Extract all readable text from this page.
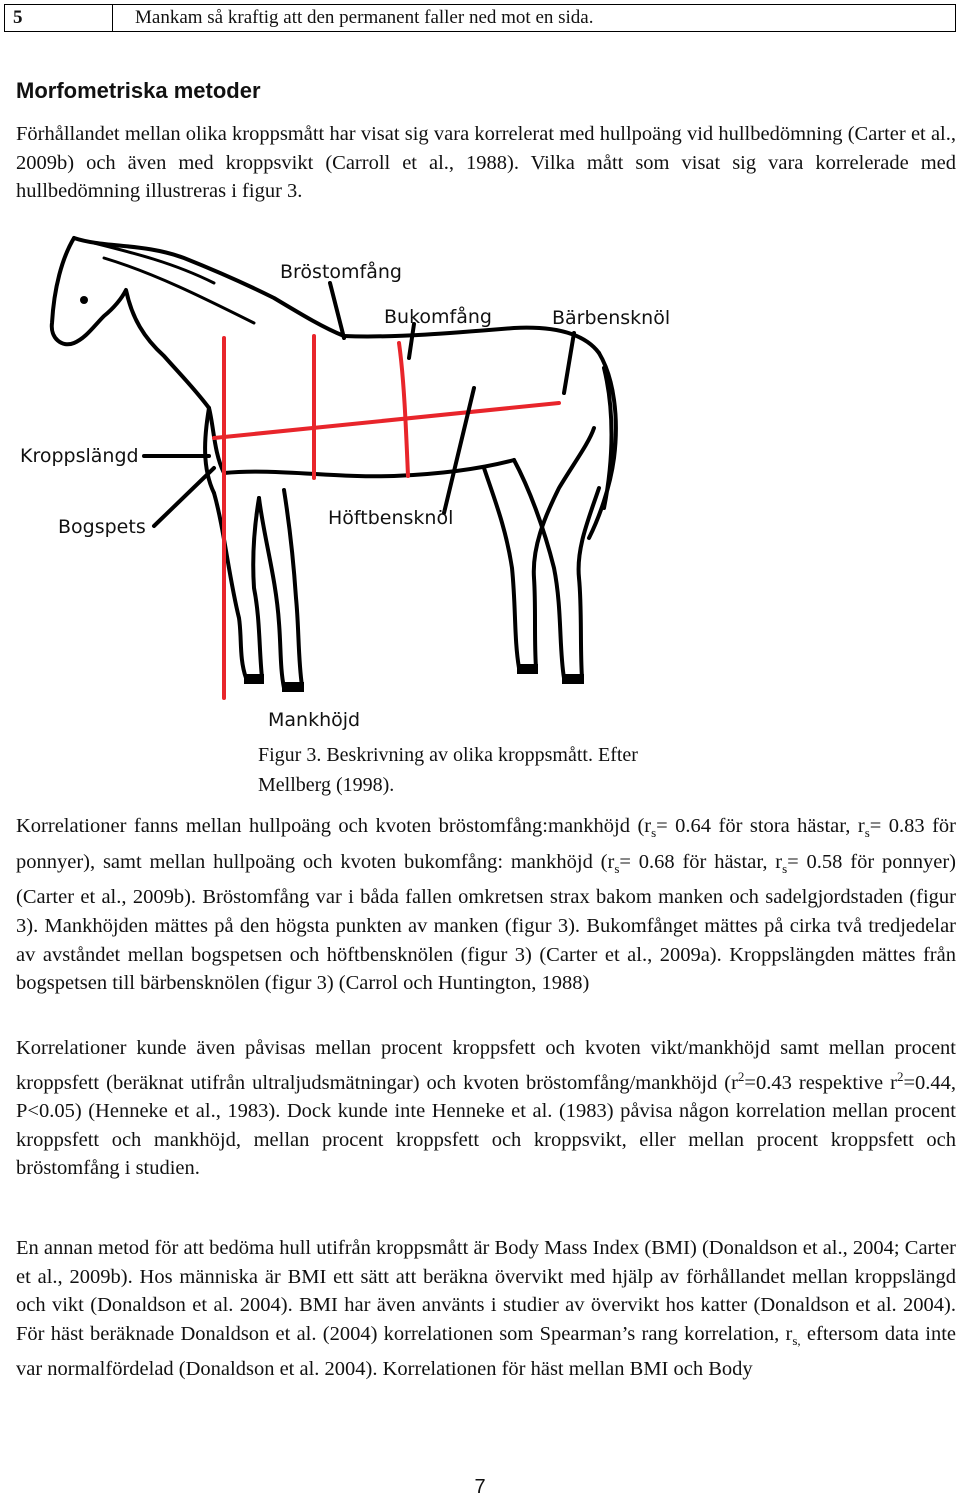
5	Mankam så kraftig att den permanent faller ned mot en sida.
Morfometriska metoder

Förhållandet mellan olika kroppsmått har visat sig vara korrelerat med hullpoäng vid hullbedömning (Carter et al., 2009b) och även med kroppsvikt (Carroll et al., 1988). Vilka mått som visat sig vara korrelerade med hullbedömning illustreras i figur 3.

Bröstomfång
Bukomfång	Bärbensknöl
Kroppslängd
Bogspets	Höftbensknöl
Mankhöjd
Figur 3. Beskrivning av olika kroppsmått. Efter
Mellberg (1998).

Korrelationer fanns mellan hullpoäng och kvoten bröstomfång:mankhöjd ($r_s= 0.64$ för stora hästar, $r_s= 0.83$ för ponnyer), samt mellan hullpoäng och kvoten bukomfång: mankhöjd ($r_s= 0.68$ för hästar, $r_s= 0.58$ för ponnyer) (Carter et al., 2009b). Bröstomfång var i båda fallen omkretsen strax bakom manken och sadelgjordstaden (figur 3). Mankhöjden mättes på den högsta punkten av manken (figur 3). Bukomfånget mättes på cirka två tredjedelar av avståndet mellan bogspetsen och höftbensknölen (figur 3) (Carter et al., 2009a). Kroppslängden mättes från bogspetsen till bärbensknölen (figur 3) (Carrol och Huntington, 1988)

Korrelationer kunde även påvisas mellan procent kroppsfett och kvoten vikt/mankhöjd samt mellan procent kroppsfett (beräknat utifrån ultraljudsmätningar) och kvoten bröstomfång/mankhöjd ($r^2=0.43$ respektive $r^2=0.44$, P<0.05) (Henneke et al., 1983). Dock kunde inte Henneke et al. (1983) påvisa någon korrelation mellan procent kroppsfett och mankhöjd, mellan procent kroppsfett och kroppsvikt, eller mellan procent kroppsfett och bröstomfång i studien.

En annan metod för att bedöma hull utifrån kroppsmått är Body Mass Index (BMI) (Donaldson et al., 2004; Carter et al., 2009b). Hos människa är BMI ett sätt att beräkna övervikt med hjälp av förhållandet mellan kroppslängd och vikt (Donaldson et al. 2004). BMI har även använts i studier av övervikt hos katter (Donaldson et al. 2004). För häst beräknade Donaldson et al. (2004) korrelationen som Spearman’s rang korrelation, $r_{s,}$ eftersom data inte var normalfördelad (Donaldson et al. 2004). Korrelationen för häst mellan BMI och Body

7
